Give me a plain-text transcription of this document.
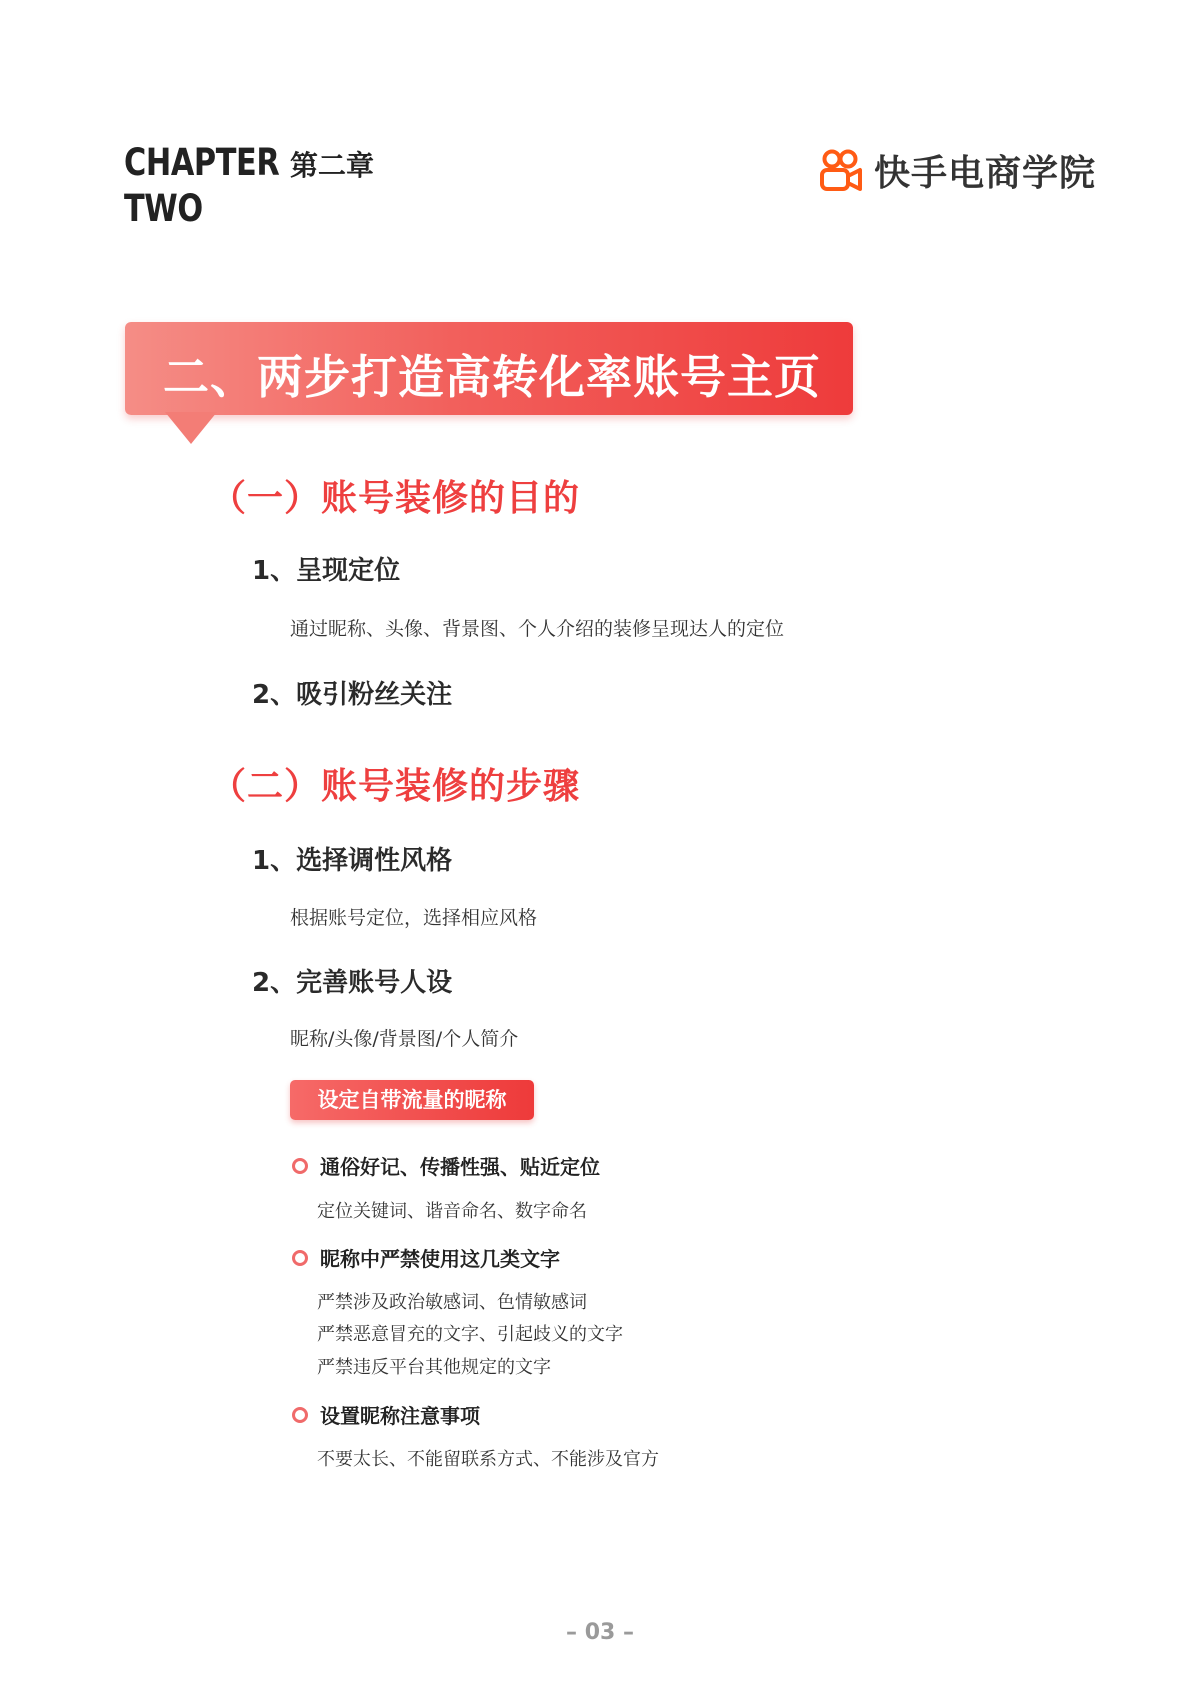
CHAPTER
TWO
第二章	快手电商学院
二、两步打造高转化率账号主页
（一）账号装修的目的
1、呈现定位
通过昵称、头像、背景图、个人介绍的装修呈现达人的定位
2、吸引粉丝关注
（二）账号装修的步骤
1、选择调性风格
根据账号定位，选择相应风格
2、完善账号人设
昵称/头像/背景图/个人简介
设定自带流量的昵称
通俗好记、传播性强、贴近定位
定位关键词、谐音命名、数字命名
昵称中严禁使用这几类文字
严禁涉及政治敏感词、色情敏感词
严禁恶意冒充的文字、引起歧义的文字
严禁违反平台其他规定的文字
设置昵称注意事项
不要太长、不能留联系方式、不能涉及官方
– 03 –
